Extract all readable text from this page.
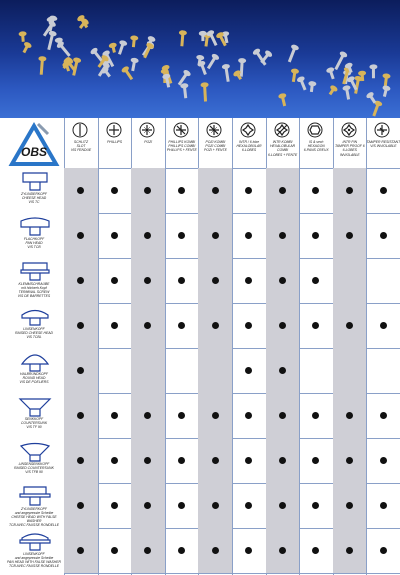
OBS
SCHLITZ
SLOT
VIS FENDUE
PHILLIPS	POZI	PHILLIPS KOMBI
PHILLIPS COMBI
PHILLIPS + FENTE
POZI KOMBI
POZI COMBI
POZI + FENTE
INTR / 6 lobe
HEXALOBULAR
6-LOBES
INTR KOMBI
HEXALOBULAR
COMBI
6-LOBES + FENTE
IS & sech
HEXAGON
6-PANS CREUX
INTR PIN
TAMPER PROOF 6
6-LOBES
INVIOLABLE
TAMPER RESISTANT
VIS INVIOLABLE
ZYLINDERKOPF
CHEESE HEAD
VIS TC
FLACHKOPF
PAN HEAD
VIS TCB
KLEMMSCHRAUBE
mit höckerh.Kopf
TERMINAL SCREW
VIS DE BARRETTES
LINSENKOPF
RAISED CHEESE HEAD
VIS TCBL
HALBRUNDKOPF
ROUND HEAD
VIS DE POELIERS
SENKKOPF
COUNTERSUNK
VIS TF 90
LINSENSENKKOPF
RAISED COUNTERSUNK
VIS TFB 90
ZYLINDERKOPF
und angepresste Scheibe
CHEESE HEAD WITH FALSE WASHER
TCB AVEC FAUSSE RONDELLE
LINSENKOPF
und angepresste Scheibe
PAN HEAD WITH FALSE WASHER
TCB AVEC FAUSSE RONDELLE
